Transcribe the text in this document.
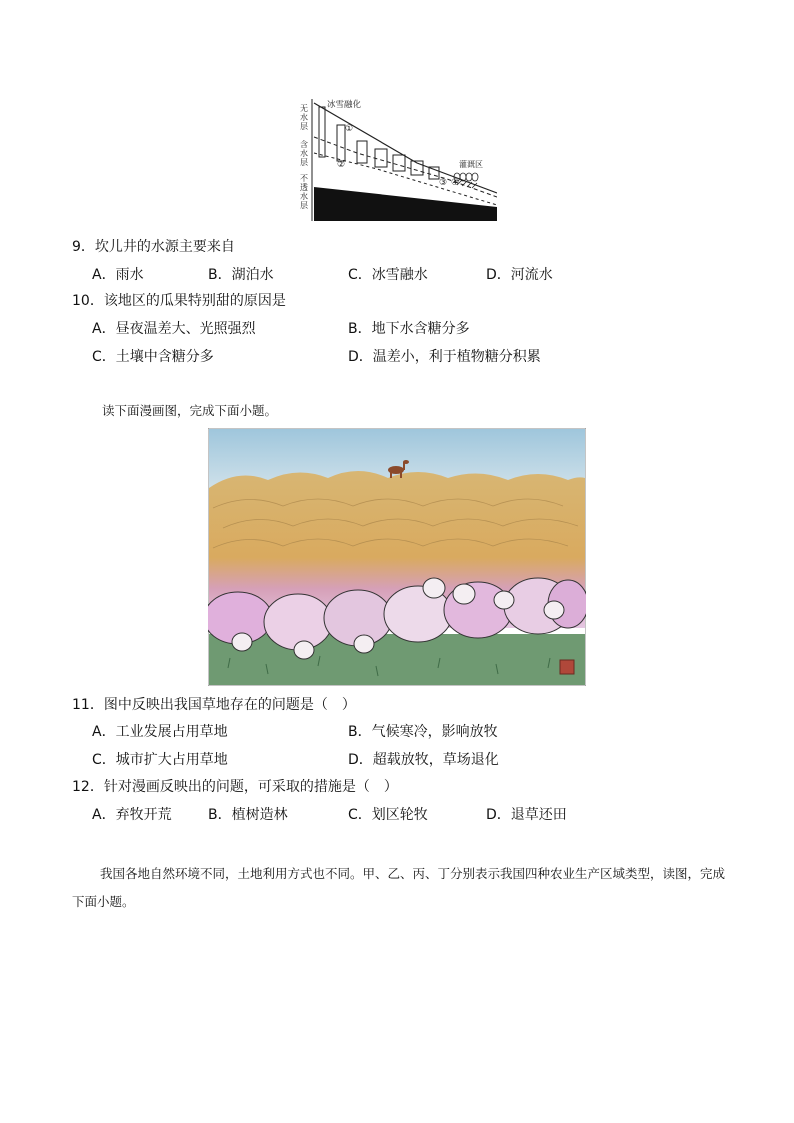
无水层
含水层
不透水层
冰雪融化
灌溉区
①
②
③ ④
9．坎儿井的水源主要来自
A．雨水	B．湖泊水	C．冰雪融水	D．河流水
10．该地区的瓜果特别甜的原因是
A．昼夜温差大、光照强烈	B．地下水含糖分多
C．土壤中含糖分多	D．温差小，利于植物糖分积累
读下面漫画图，完成下面小题。
11．图中反映出我国草地存在的问题是（　）
A．工业发展占用草地	B．气候寒冷，影响放牧
C．城市扩大占用草地	D．超载放牧，草场退化
12．针对漫画反映出的问题，可采取的措施是（　）
A．弃牧开荒	B．植树造林	C．划区轮牧	D．退草还田
我国各地自然环境不同，土地利用方式也不同。甲、乙、丙、丁分别表示我国四种农业生产区域类型，读图，完成下面小题。
